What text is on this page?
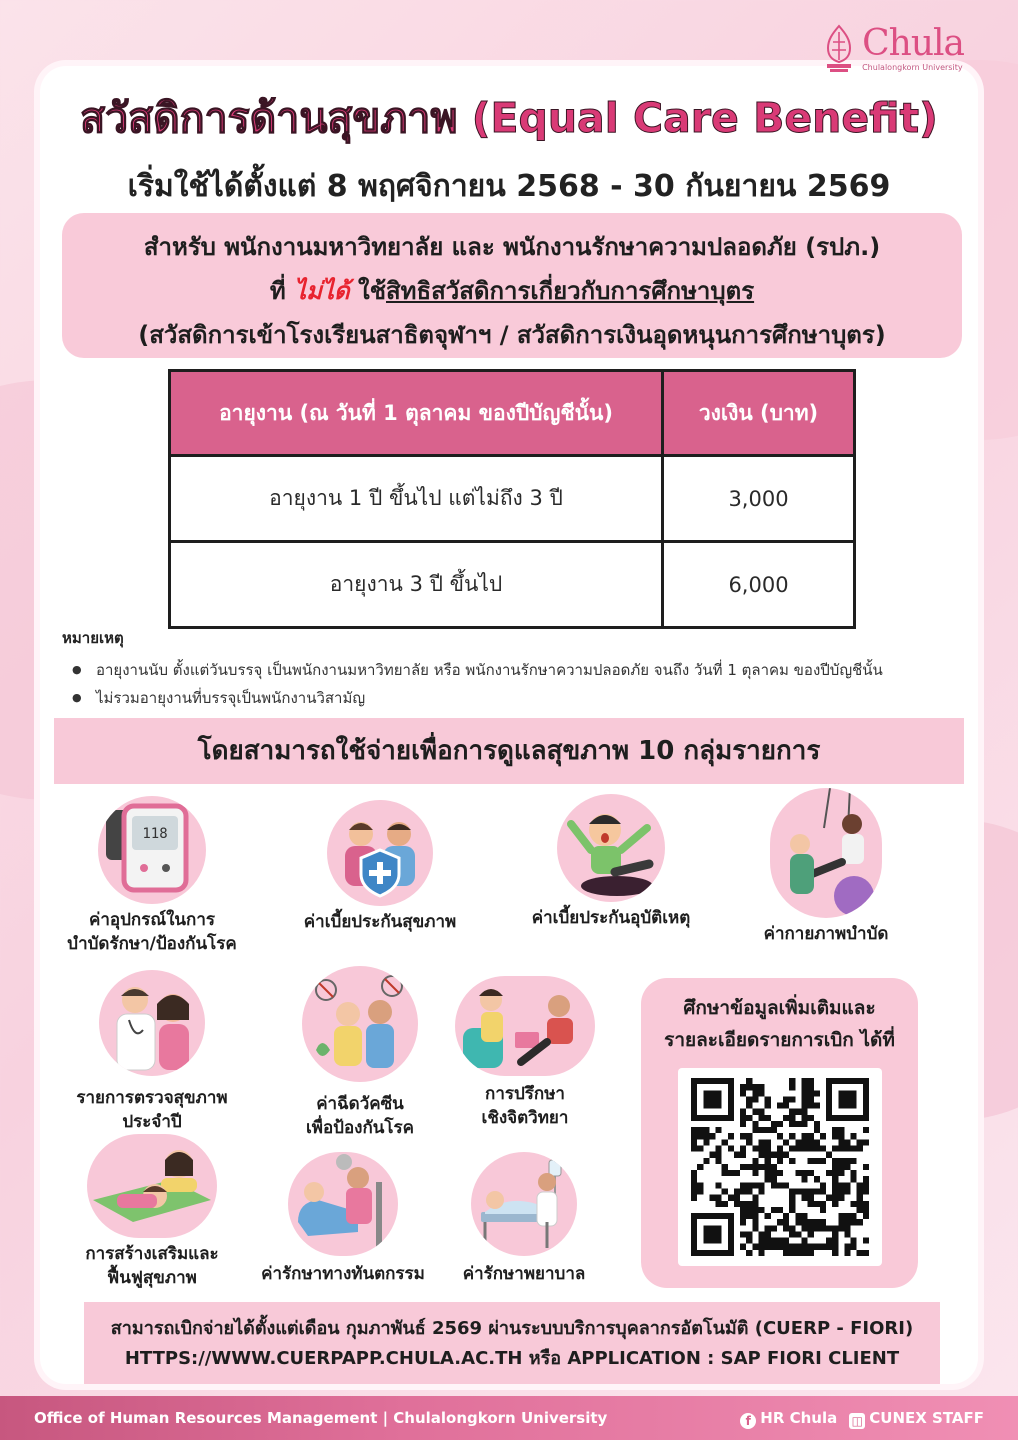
Chula
Chulalongkorn University
สวัสดิการด้านสุขภาพ (Equal Care Benefit)
เริ่มใช้ได้ตั้งแต่ 8 พฤศจิกายน 2568 - 30 กันยายน 2569
สำหรับ พนักงานมหาวิทยาลัย และ พนักงานรักษาความปลอดภัย (รปภ.)
ที่ ไม่ได้ ใช้สิทธิสวัสดิการเกี่ยวกับการศึกษาบุตร
(สวัสดิการเข้าโรงเรียนสาธิตจุฬาฯ / สวัสดิการเงินอุดหนุนการศึกษาบุตร)
อายุงาน (ณ วันที่ 1 ตุลาคม ของปีบัญชีนั้น)	วงเงิน (บาท)
อายุงาน 1 ปี ขึ้นไป แต่ไม่ถึง 3 ปี	3,000
อายุงาน 3 ปี ขึ้นไป	6,000
หมายเหตุ
● อายุงานนับ ตั้งแต่วันบรรจุ เป็นพนักงานมหาวิทยาลัย หรือ พนักงานรักษาความปลอดภัย จนถึง วันที่ 1 ตุลาคม ของปีบัญชีนั้น
● ไม่รวมอายุงานที่บรรจุเป็นพนักงานวิสามัญ
โดยสามารถใช้จ่ายเพื่อการดูแลสุขภาพ 10 กลุ่มรายการ
118
ค่าอุปกรณ์ในการ
บำบัดรักษา/ป้องกันโรค
ค่าเบี้ยประกันสุขภาพ	ค่าเบี้ยประกันอุบัติเหตุ
ค่ากายภาพบำบัด
รายการตรวจสุขภาพ
ประจำปี
ค่าฉีดวัคซีน
เพื่อป้องกันโรค
การปรึกษา
เชิงจิตวิทยา
การสร้างเสริมและ
ฟื้นฟูสุขภาพ	ค่ารักษาทางทันตกรรม	ค่ารักษาพยาบาล
ศึกษาข้อมูลเพิ่มเติมและ
รายละเอียดรายการเบิก ได้ที่
สามารถเบิกจ่ายได้ตั้งแต่เดือน กุมภาพันธ์ 2569 ผ่านระบบบริการบุคลากรอัตโนมัติ (CUERP - FIORI)
HTTPS://WWW.CUERPAPP.CHULA.AC.TH หรือ APPLICATION : SAP FIORI CLIENT
Office of Human Resources Management | Chulalongkorn University	f HR Chula ◫ CUNEX STAFF
